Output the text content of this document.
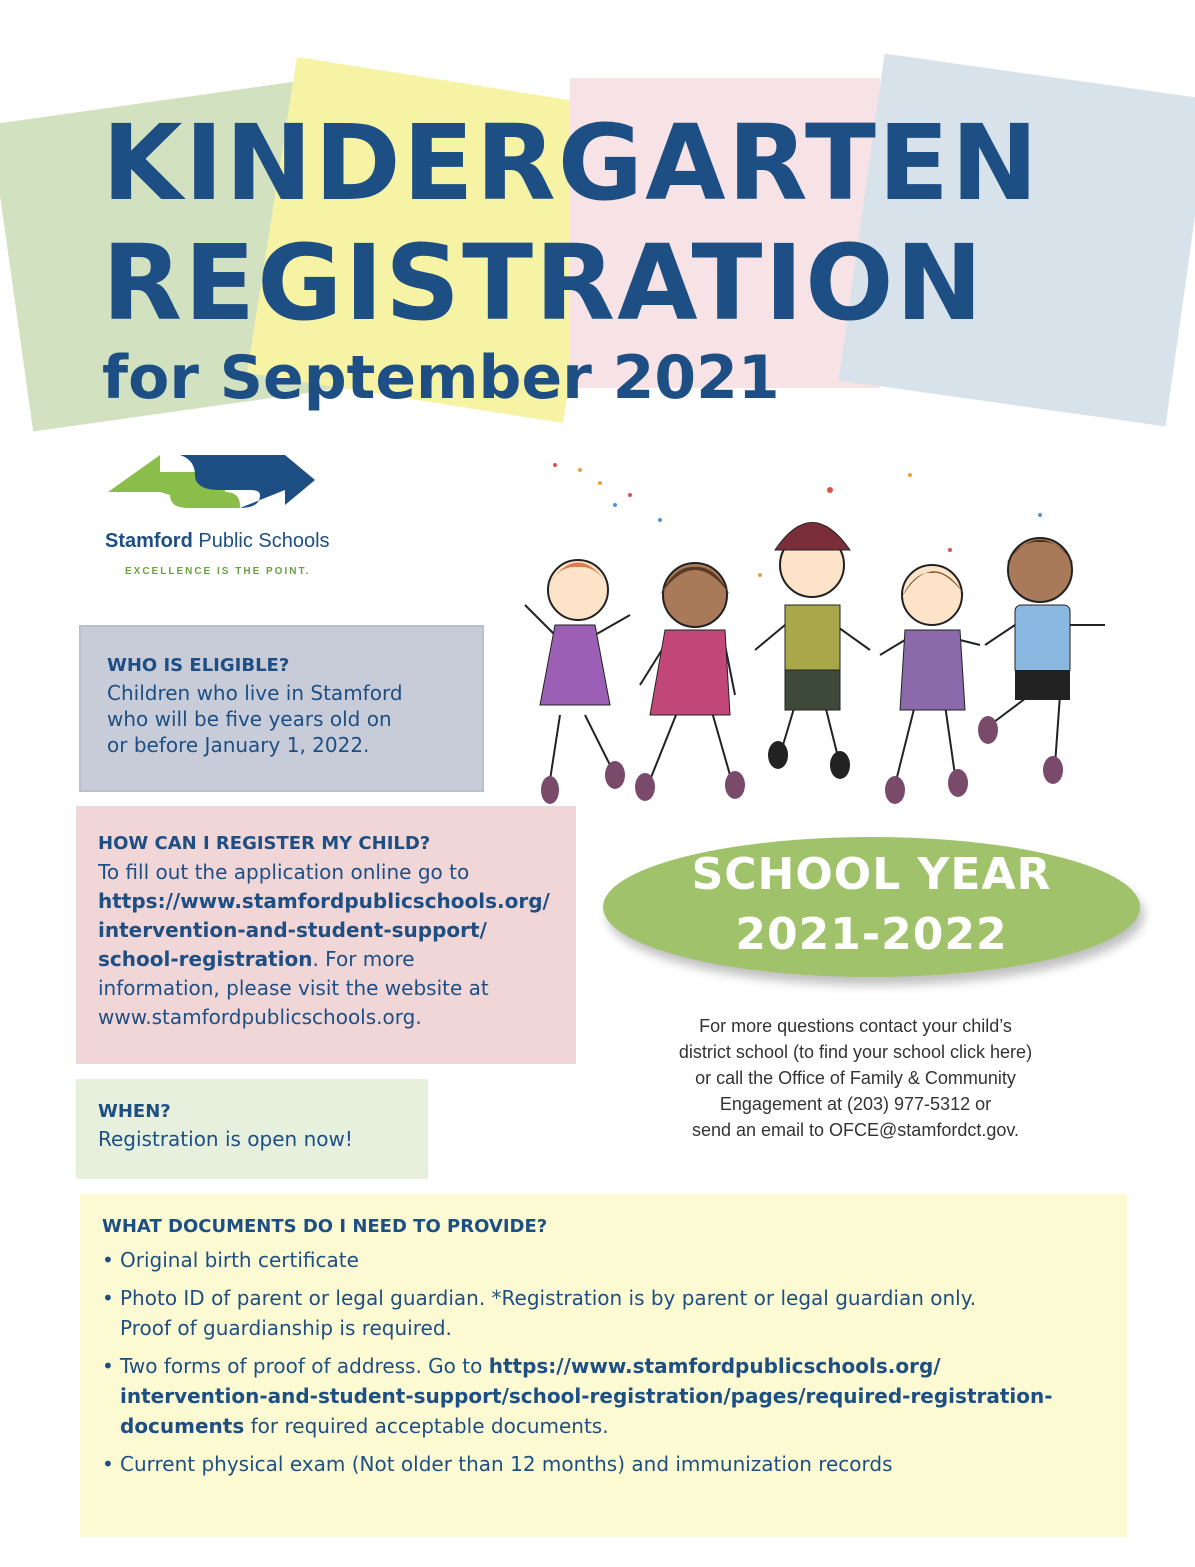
KINDERGARTEN
REGISTRATION
for September 2021
Stamford Public Schools
EXCELLENCE IS THE POINT.
WHO IS ELIGIBLE?
Children who live in Stamford
who will be five years old on
or before January 1, 2022.
HOW CAN I REGISTER MY CHILD?
To fill out the application online go to
https://www.stamfordpublicschools.org/
intervention-and-student-support/
school-registration. For more
information, please visit the website at
www.stamfordpublicschools.org.
WHEN?
Registration is open now!
SCHOOL YEAR
2021-2022
For more questions contact your child’s
district school (to find your school click here)
or call the Office of Family & Community
Engagement at (203) 977-5312 or
send an email to OFCE@stamfordct.gov.
WHAT DOCUMENTS DO I NEED TO PROVIDE?
• Original birth certificate
• Photo ID of parent or legal guardian. *Registration is by parent or legal guardian only.
Proof of guardianship is required.
• Two forms of proof of address. Go to https://www.stamfordpublicschools.org/
intervention-and-student-support/school-registration/pages/required-registration-
documents for required acceptable documents.
• Current physical exam (Not older than 12 months) and immunization records
